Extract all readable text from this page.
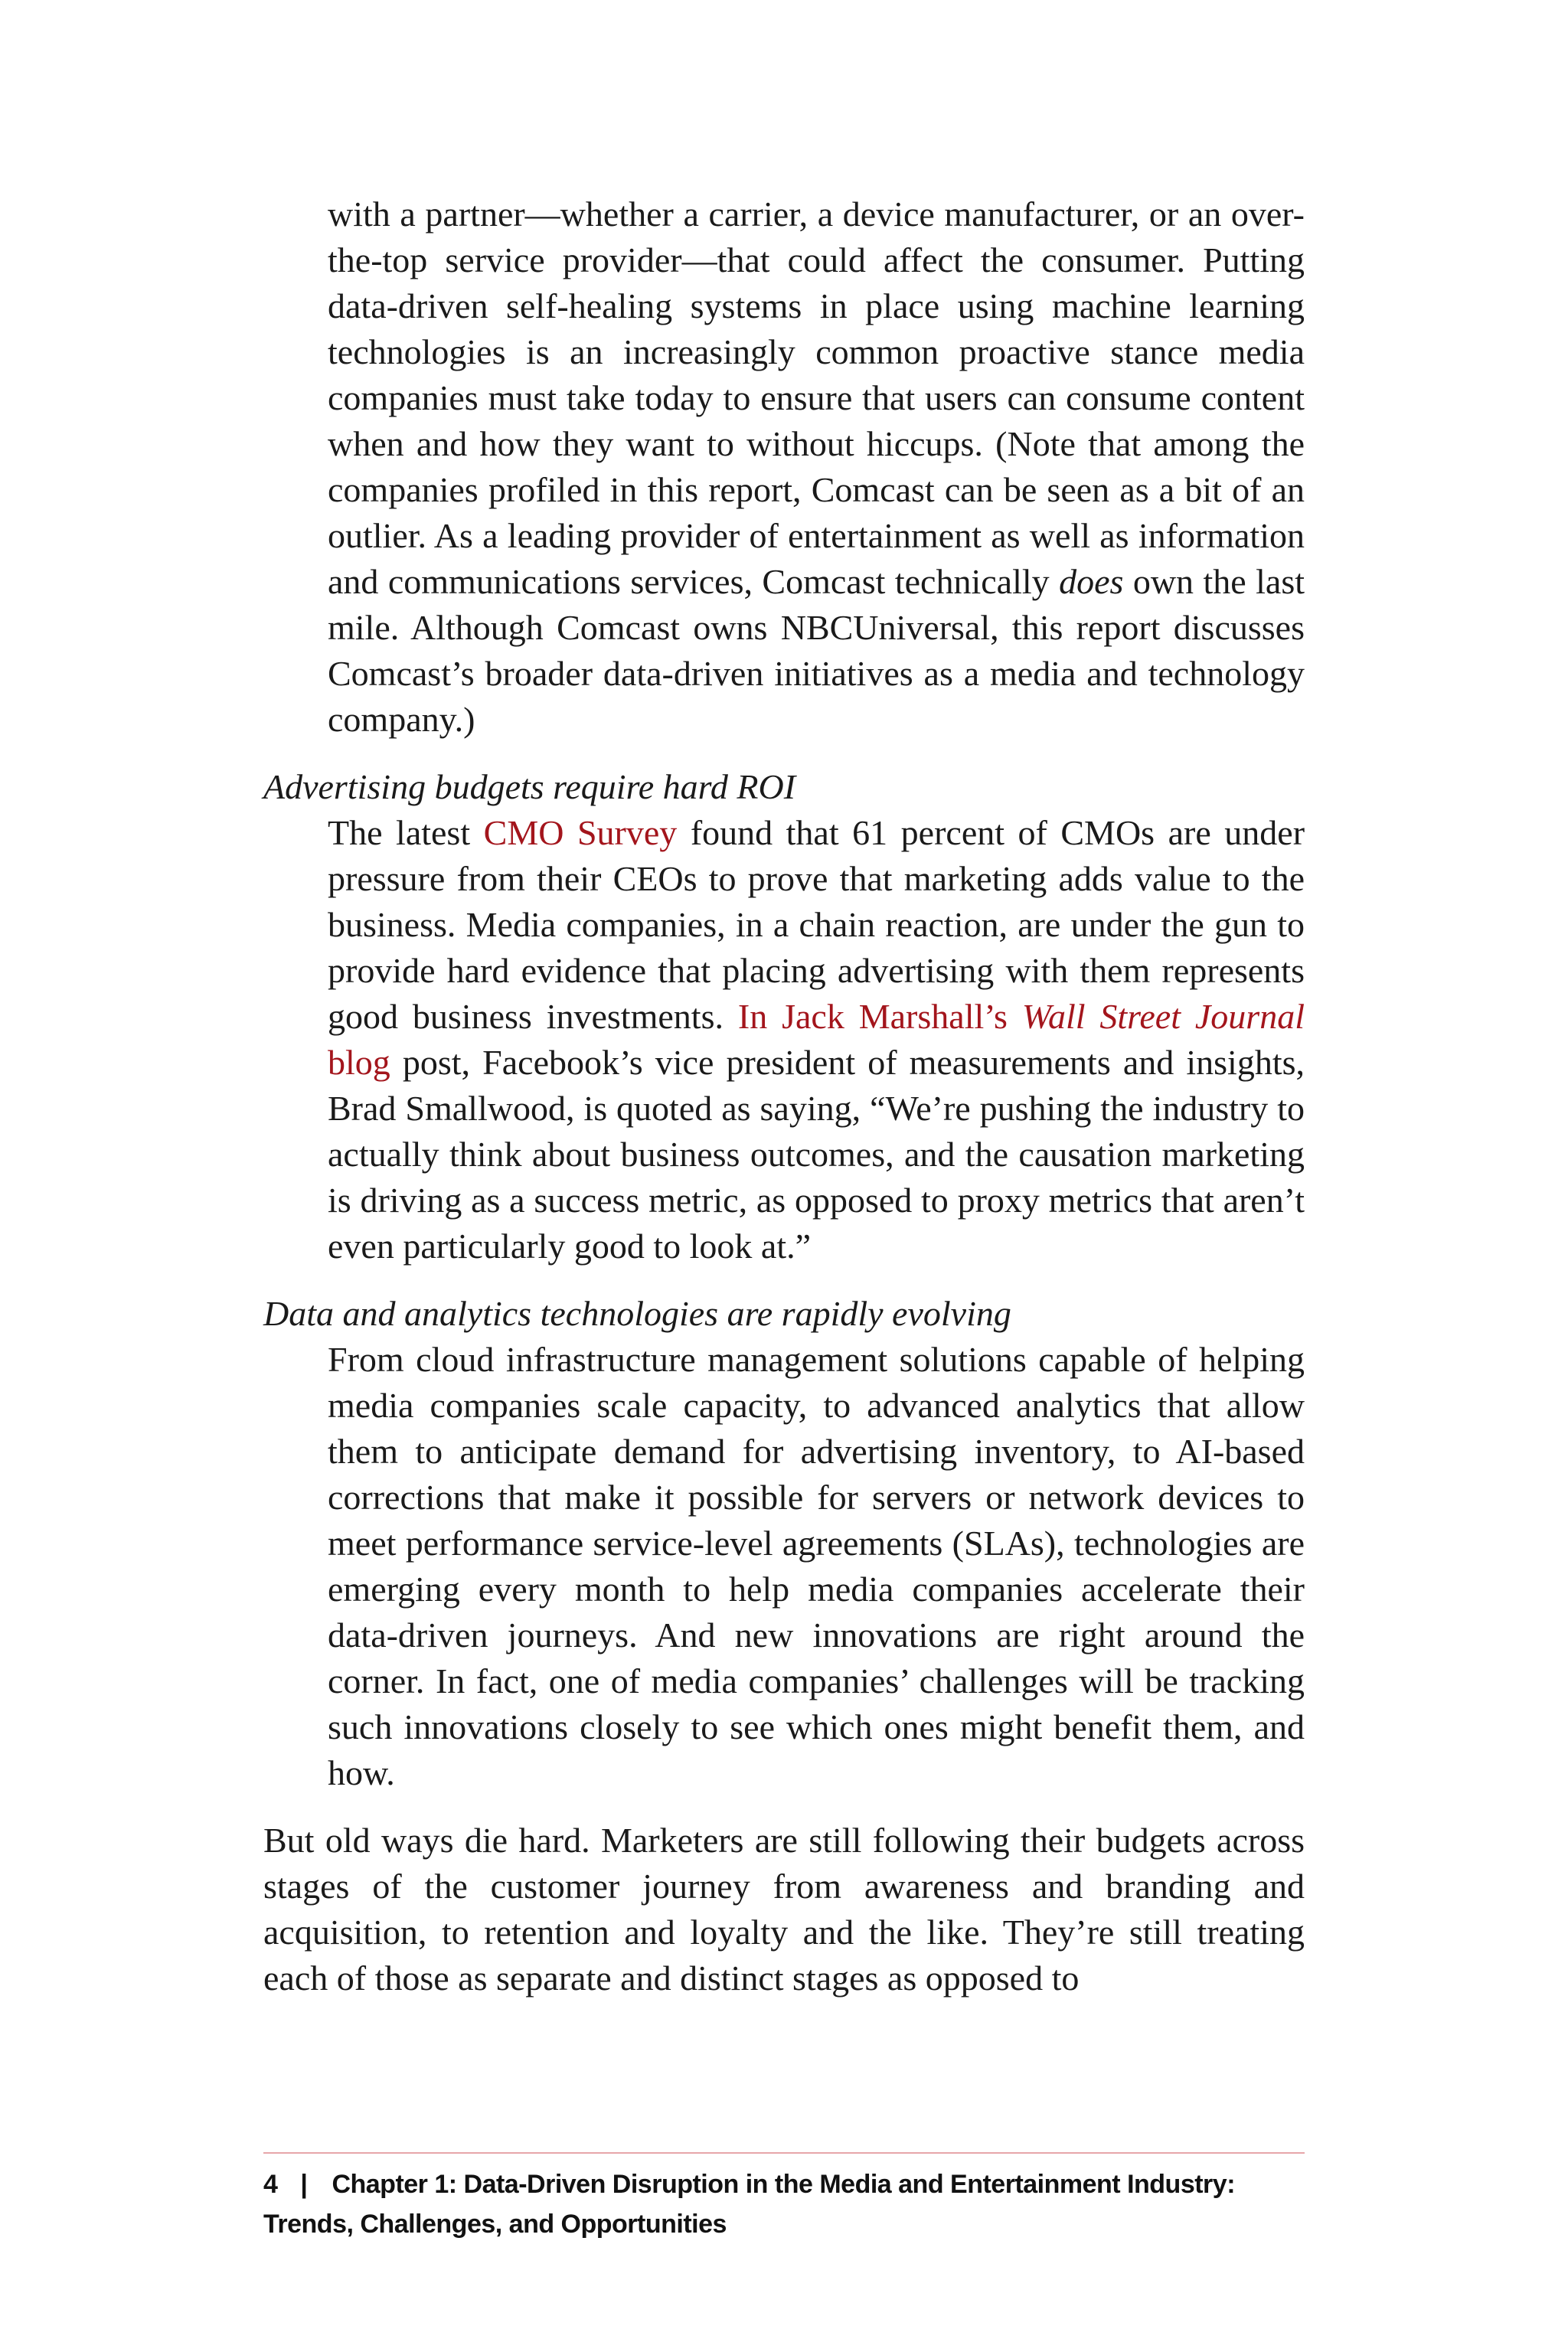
with a partner—whether a carrier, a device manufacturer, or an over-the-top service provider—that could affect the consumer. Putting data-driven self-healing systems in place using machine learning technologies is an increasingly common proactive stance media companies must take today to ensure that users can consume content when and how they want to without hiccups. (Note that among the companies profiled in this report, Comcast can be seen as a bit of an outlier. As a leading provider of entertainment as well as information and communications services, Comcast technically does own the last mile. Although Comcast owns NBCUniversal, this report discusses Comcast’s broader data-driven initiatives as a media and technology company.)

Advertising budgets require hard ROI

The latest CMO Survey found that 61 percent of CMOs are under pressure from their CEOs to prove that marketing adds value to the business. Media companies, in a chain reaction, are under the gun to provide hard evidence that placing advertising with them represents good business investments. In Jack Marshall’s Wall Street Journal blog post, Facebook’s vice president of measurements and insights, Brad Smallwood, is quoted as saying, “We’re pushing the industry to actually think about business outcomes, and the causation marketing is driving as a success metric, as opposed to proxy metrics that aren’t even particularly good to look at.”

Data and analytics technologies are rapidly evolving

From cloud infrastructure management solutions capable of helping media companies scale capacity, to advanced analytics that allow them to anticipate demand for advertising inventory, to AI-based corrections that make it possible for servers or network devices to meet performance service-level agreements (SLAs), technologies are emerging every month to help media companies accelerate their data-driven journeys. And new innovations are right around the corner. In fact, one of media companies’ challenges will be tracking such innovations closely to see which ones might benefit them, and how.

But old ways die hard. Marketers are still following their budgets across stages of the customer journey from awareness and branding and acquisition, to retention and loyalty and the like. They’re still treating each of those as separate and distinct stages as opposed to

4 | Chapter 1: Data-Driven Disruption in the Media and Entertainment Industry: Trends, Challenges, and Opportunities
